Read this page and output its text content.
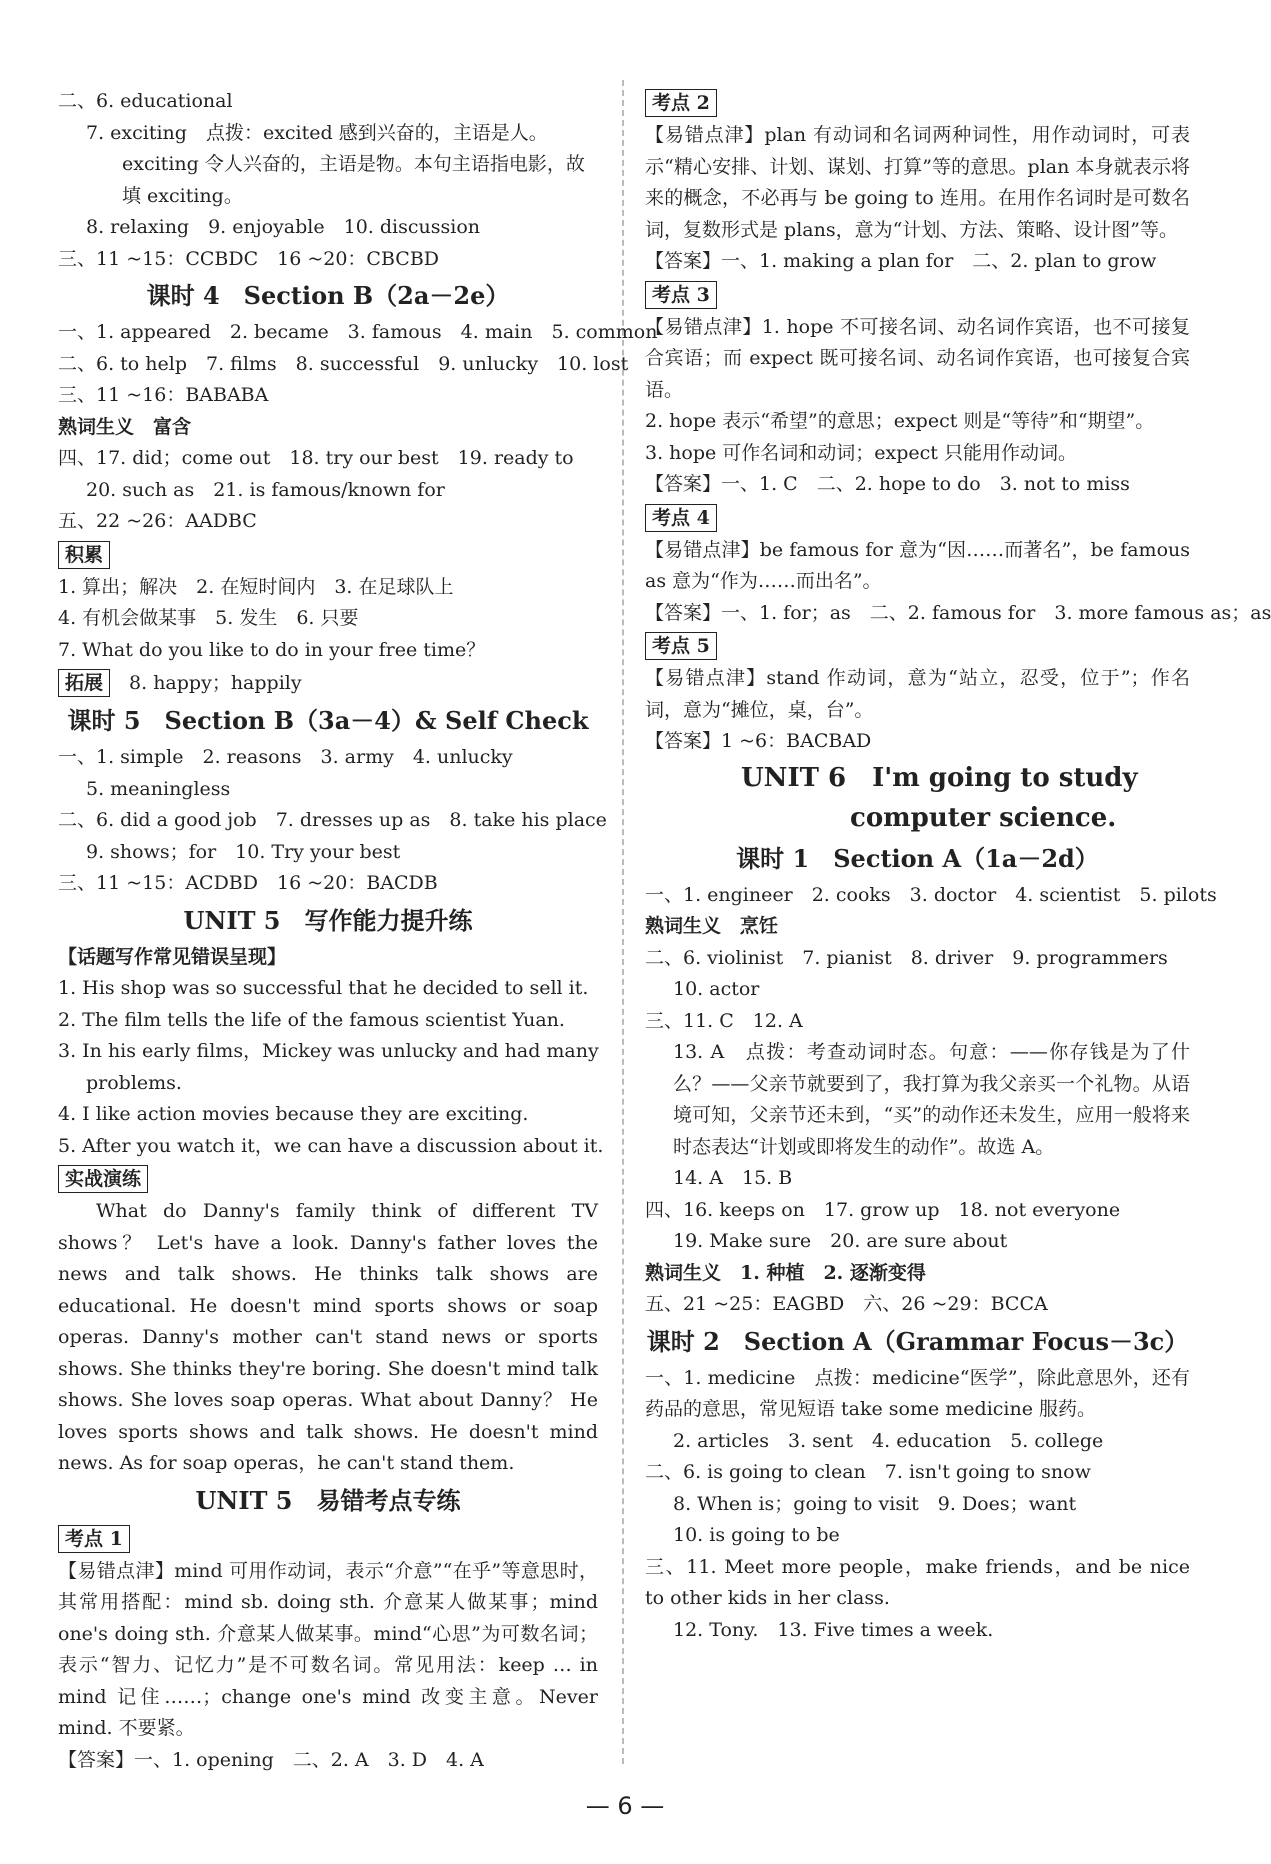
二、6. educational
7. exciting　点拨：excited 感到兴奋的，主语是人。
exciting 令人兴奋的，主语是物。本句主语指电影，故
填 exciting。
8. relaxing　9. enjoyable　10. discussion
三、11 ~15：CCBDC　16 ~20：CBCBD
课时 4　Section B（2a－2e）
一、1. appeared　2. became　3. famous　4. main　5. common
二、6. to help　7. films　8. successful　9. unlucky　10. lost
三、11 ~16：BABABA
熟词生义　富含
四、17. did；come out　18. try our best　19. ready to
20. such as　21. is famous/known for
五、22 ~26：AADBC
积累
1. 算出；解决　2. 在短时间内　3. 在足球队上
4. 有机会做某事　5. 发生　6. 只要
7. What do you like to do in your free time？
拓展　 8. happy；happily
课时 5　Section B（3a－4）& Self Check
一、1. simple　2. reasons　3. army　4. unlucky
5. meaningless
二、6. did a good job　7. dresses up as　8. take his place
9. shows；for　10. Try your best
三、11 ~15：ACDBD　16 ~20：BACDB
UNIT 5　写作能力提升练
【话题写作常见错误呈现】
1. His shop was so successful that he decided to sell it.
2. The film tells the life of the famous scientist Yuan.
3. In his early films，Mickey was unlucky and had many
problems.
4. I like action movies because they are exciting.
5. After you watch it，we can have a discussion about it.
实战演练
What do Danny's family think of different TV shows？ Let's have a look. Danny's father loves the news and talk shows. He thinks talk shows are educational. He doesn't mind sports shows or soap operas. Danny's mother can't stand news or sports shows. She thinks they're boring. She doesn't mind talk shows. She loves soap operas. What about Danny？ He loves sports shows and talk shows. He doesn't mind news. As for soap operas，he can't stand them.
UNIT 5　易错考点专练
考点 1
【易错点津】mind 可用作动词，表示“介意”“在乎”等意思时，其常用搭配：mind sb. doing sth. 介意某人做某事；mind one's doing sth. 介意某人做某事。mind“心思”为可数名词；表示“智力、记忆力”是不可数名词。常见用法：keep … in mind 记住……；change one's mind 改变主意。Never mind. 不要紧。
【答案】一、1. opening　二、2. A　3. D　4. A
考点 2
【易错点津】plan 有动词和名词两种词性，用作动词时，可表示“精心安排、计划、谋划、打算”等的意思。plan 本身就表示将来的概念，不必再与 be going to 连用。在用作名词时是可数名词，复数形式是 plans，意为“计划、方法、策略、设计图”等。
【答案】一、1. making a plan for　二、2. plan to grow
考点 3
【易错点津】1. hope 不可接名词、动名词作宾语，也不可接复合宾语；而 expect 既可接名词、动名词作宾语，也可接复合宾语。
2. hope 表示“希望”的意思；expect 则是“等待”和“期望”。
3. hope 可作名词和动词；expect 只能用作动词。
【答案】一、1. C　二、2. hope to do　3. not to miss
考点 4
【易错点津】be famous for 意为“因……而著名”，be famous as 意为“作为……而出名”。
【答案】一、1. for；as　二、2. famous for　3. more famous as；as
考点 5
【易错点津】stand 作动词，意为“站立，忍受，位于”；作名词，意为“摊位，桌，台”。
【答案】1 ~6：BACBAD
UNIT 6　I'm going to study
computer science.
课时 1　Section A（1a－2d）
一、1. engineer　2. cooks　3. doctor　4. scientist　5. pilots
熟词生义　烹饪
二、6. violinist　7. pianist　8. driver　9. programmers
10. actor
三、11. C　12. A
13. A　点拨：考查动词时态。句意：——你存钱是为了什么？——父亲节就要到了，我打算为我父亲买一个礼物。从语境可知，父亲节还未到，“买”的动作还未发生，应用一般将来时态表达“计划或即将发生的动作”。故选 A。
14. A　15. B
四、16. keeps on　17. grow up　18. not everyone
19. Make sure　20. are sure about
熟词生义　1. 种植　2. 逐渐变得
五、21 ~25：EAGBD　六、26 ~29：BCCA
课时 2　Section A（Grammar Focus－3c）
一、1. medicine　点拨：medicine“医学”，除此意思外，还有药品的意思，常见短语 take some medicine 服药。
2. articles　3. sent　4. education　5. college
二、6. is going to clean　7. isn't going to snow
8. When is；going to visit　9. Does；want
10. is going to be
三、11. Meet more people，make friends，and be nice to other kids in her class.
12. Tony.　13. Five times a week.
— 6 —
